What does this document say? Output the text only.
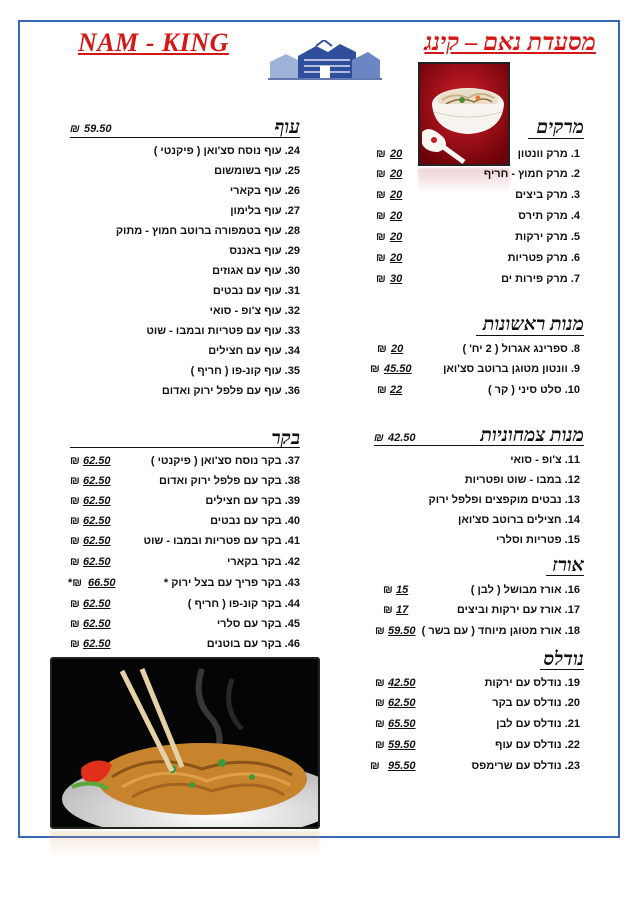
NAM - KING	מסעדת נאם – קינג
מרקים
1. מרק וונטון
20
₪
2. מרק חמוץ - חריף
20
₪
3. מרק ביצים
20
₪
4. מרק תירס
20
₪
5. מרק ירקות
20
₪
6. מרק פטריות
20
₪
7. מרק פירות ים
30
₪
מנות ראשונות
8. ספרינג אגרול ( 2 יח' )
20
₪
9. וונטון מטוגן ברוטב סצ'ואן
45.50
₪
10. סלט סיני ( קר )
22
₪
מנות צמחוניות
42.50
₪
11. צ'ופ - סואי
12. במבו - שוט ופטריות
13. נבטים מוקפצים ופלפל ירוק
14. חצילים ברוטב סצ'ואן
15. פטריות וסלרי
אורז
16. אורז מבושל ( לבן )
15
₪
17. אורז עם ירקות וביצים
17
₪
18. אורז מטוגן מיוחד ( עם בשר )
59.50
₪
נודלס
19. נודלס עם ירקות
42.50
₪
20. נודלס עם בקר
62.50
₪
21. נודלס עם לבן
65.50
₪
22. נודלס עם עוף
59.50
₪
23. נודלס עם שרימפס
95.50
₪
עוף
59.50
₪
24. עוף נוסח סצ'ואן ( פיקנטי )
25. עוף בשומשום
26. עוף בקארי
27. עוף בלימון
28. עוף בטמפורה ברוטב חמוץ - מתוק
29. עוף באננס
30. עוף עם אגוזים
31. עוף עם נבטים
32. עוף צ'ופ - סואי
33. עוף עם פטריות ובמבו - שוט
34. עוף עם חצילים
35. עוף קונ-פו ( חריף )
36. עוף עם פלפל ירוק ואדום
בקר
37. בקר נוסח סצ'ואן ( פיקנטי )
62.50
₪
38. בקר עם פלפל ירוק ואדום
62.50
₪
39. בקר עם חצילים
62.50
₪
40. בקר עם נבטים
62.50
₪
41. בקר עם פטריות ובמבו - שוט
62.50
₪
42. בקר בקארי
62.50
₪
43. בקר פריך עם בצל ירוק *
66.50
*₪
44. בקר קונ-פו ( חריף )
62.50
₪
45. בקר עם סלרי
62.50
₪
46. בקר עם בוטנים
62.50
₪
